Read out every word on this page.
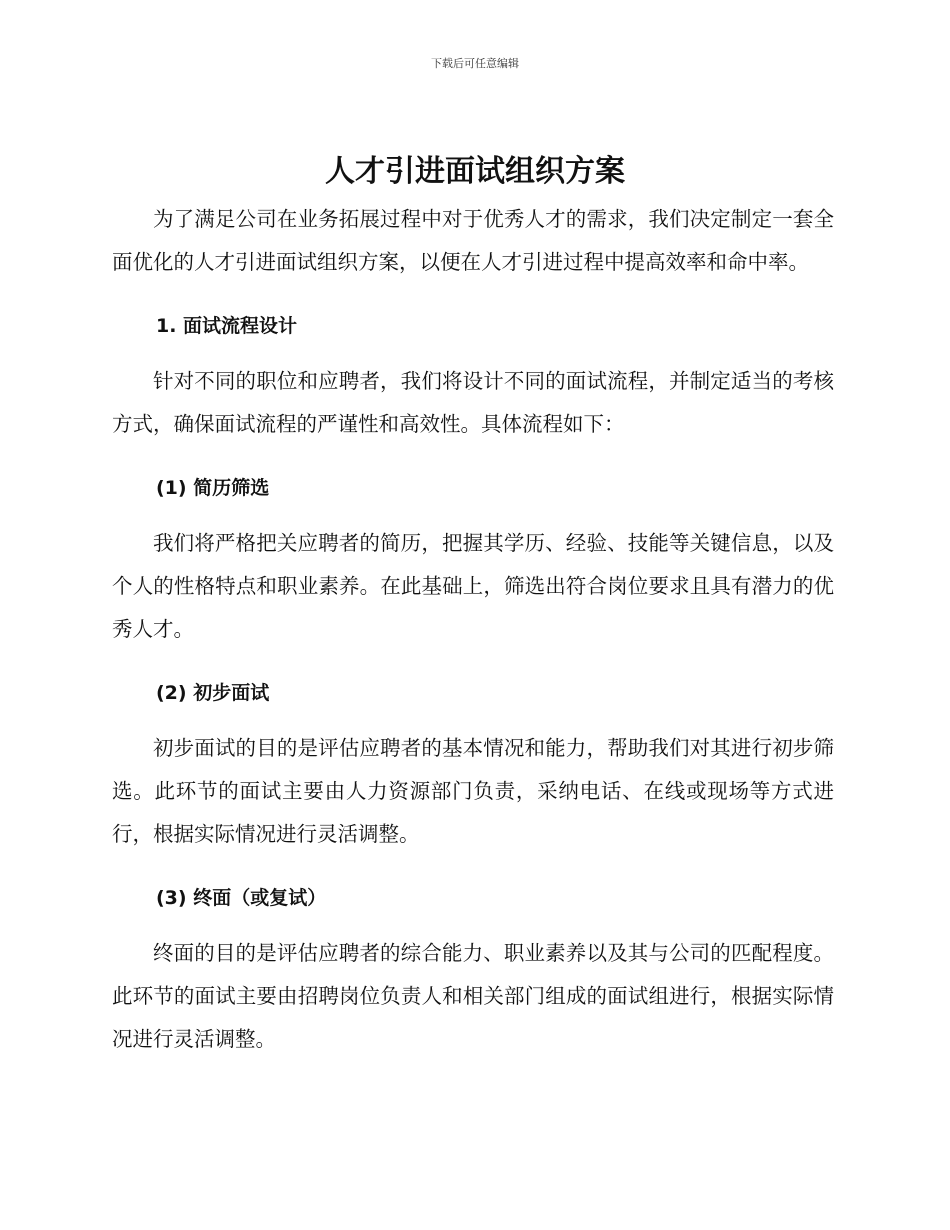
下载后可任意编辑
人才引进面试组织方案

为了满足公司在业务拓展过程中对于优秀人才的需求，我们决定制定一套全面优化的人才引进面试组织方案，以便在人才引进过程中提高效率和命中率。

1. 面试流程设计

针对不同的职位和应聘者，我们将设计不同的面试流程，并制定适当的考核方式，确保面试流程的严谨性和高效性。具体流程如下：

(1) 简历筛选

我们将严格把关应聘者的简历，把握其学历、经验、技能等关键信息，以及个人的性格特点和职业素养。在此基础上，筛选出符合岗位要求且具有潜力的优秀人才。

(2) 初步面试

初步面试的目的是评估应聘者的基本情况和能力，帮助我们对其进行初步筛选。此环节的面试主要由人力资源部门负责，采纳电话、在线或现场等方式进行，根据实际情况进行灵活调整。

(3) 终面（或复试）

终面的目的是评估应聘者的综合能力、职业素养以及其与公司的匹配程度。此环节的面试主要由招聘岗位负责人和相关部门组成的面试组进行，根据实际情况进行灵活调整。
